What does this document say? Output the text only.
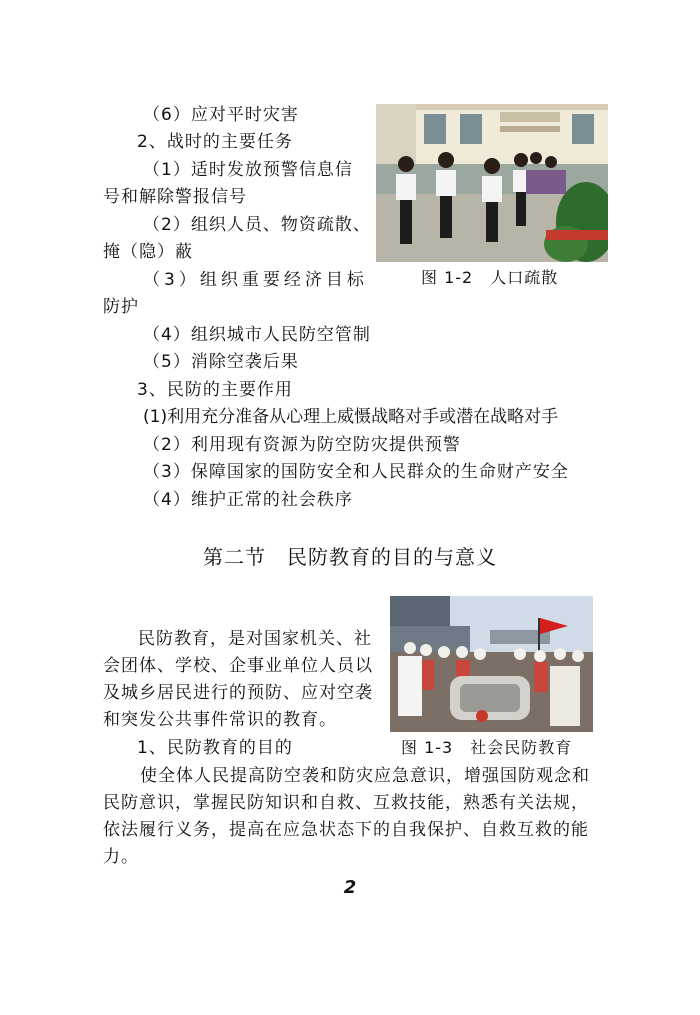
（6）应对平时灾害
2、战时的主要任务
（1）适时发放预警信息信
号和解除警报信号
（2）组织人员、物资疏散、
掩（隐）蔽
（3）组织重要经济目标
防护
（4）组织城市人民防空管制
（5）消除空袭后果
3、民防的主要作用
(1)利用充分准备从心理上威慑战略对手或潜在战略对手
（2）利用现有资源为防空防灾提供预警
（3）保障国家的国防安全和人民群众的生命财产安全
（4）维护正常的社会秩序
图 1-2　人口疏散
第二节　民防教育的目的与意义
民防教育，是对国家机关、社
会团体、学校、企事业单位人员以
及城乡居民进行的预防、应对空袭
和突发公共事件常识的教育。
1、民防教育的目的	图 1-3　社会民防教育
使全体人民提高防空袭和防灾应急意识，增强国防观念和
民防意识，掌握民防知识和自救、互救技能，熟悉有关法规，
依法履行义务，提高在应急状态下的自我保护、自救互救的能
力。
2
